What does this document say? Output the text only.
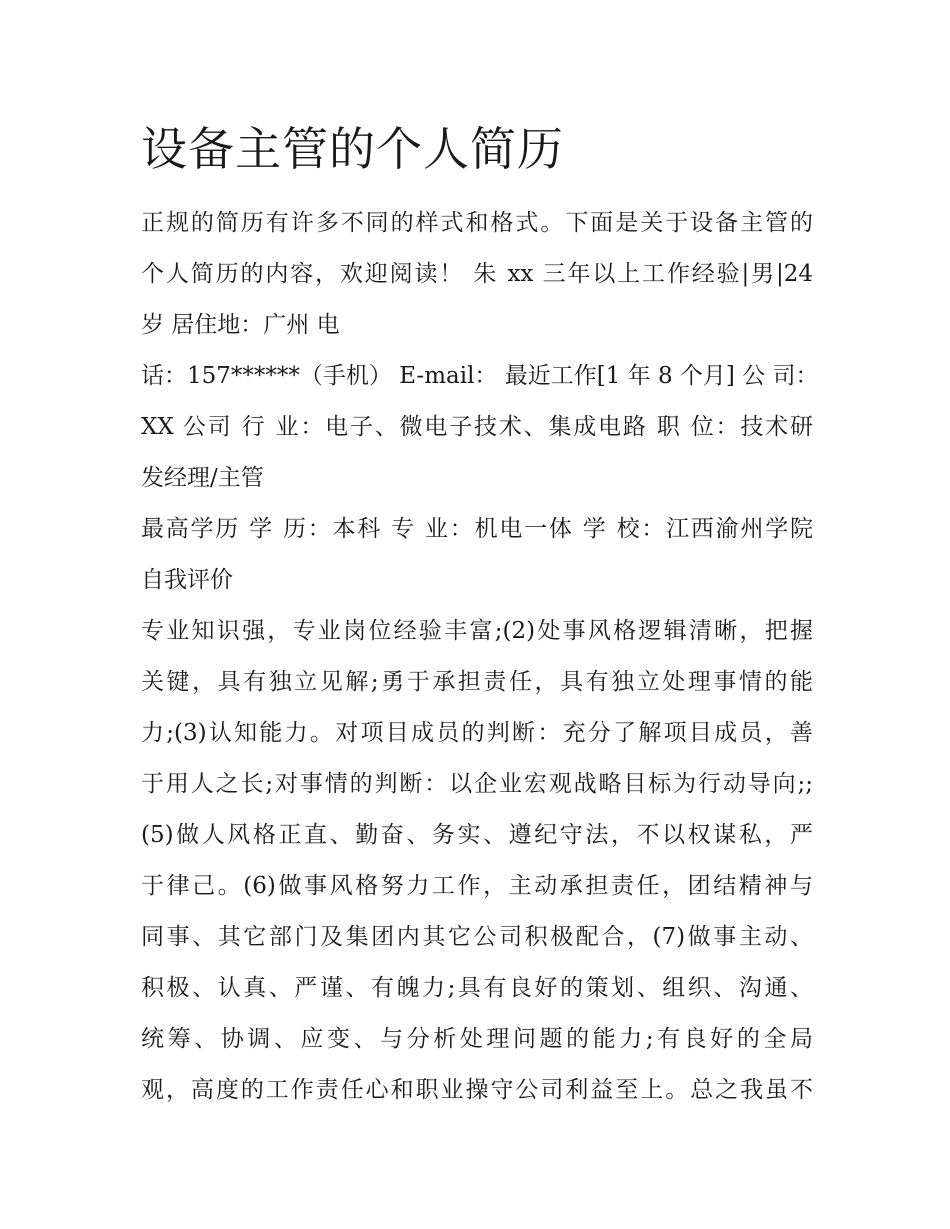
设备主管的个人简历

正规的简历有许多不同的样式和格式。下面是关于设备主管的

个人简历的内容，欢迎阅读！ 朱 xx 三年以上工作经验|男|24

岁 居住地：广州 电

话：157******（手机） E-mail： 最近工作[1 年 8 个月] 公 司：

XX 公司 行 业：电子、微电子技术、集成电路 职 位：技术研

发经理/主管

最高学历 学 历：本科 专 业：机电一体 学 校：江西渝州学院

自我评价

专业知识强，专业岗位经验丰富;(2)处事风格逻辑清晰，把握

关键，具有独立见解;勇于承担责任，具有独立处理事情的能

力;(3)认知能力。对项目成员的判断：充分了解项目成员，善

于用人之长;对事情的判断：以企业宏观战略目标为行动导向;;

(5)做人风格正直、勤奋、务实、遵纪守法，不以权谋私，严

于律己。(6)做事风格努力工作，主动承担责任，团结精神与

同事、其它部门及集团内其它公司积极配合，(7)做事主动、

积极、认真、严谨、有魄力;具有良好的策划、组织、沟通、

统筹、协调、应变、与分析处理问题的能力;有良好的全局

观，高度的工作责任心和职业操守公司利益至上。总之我虽不
